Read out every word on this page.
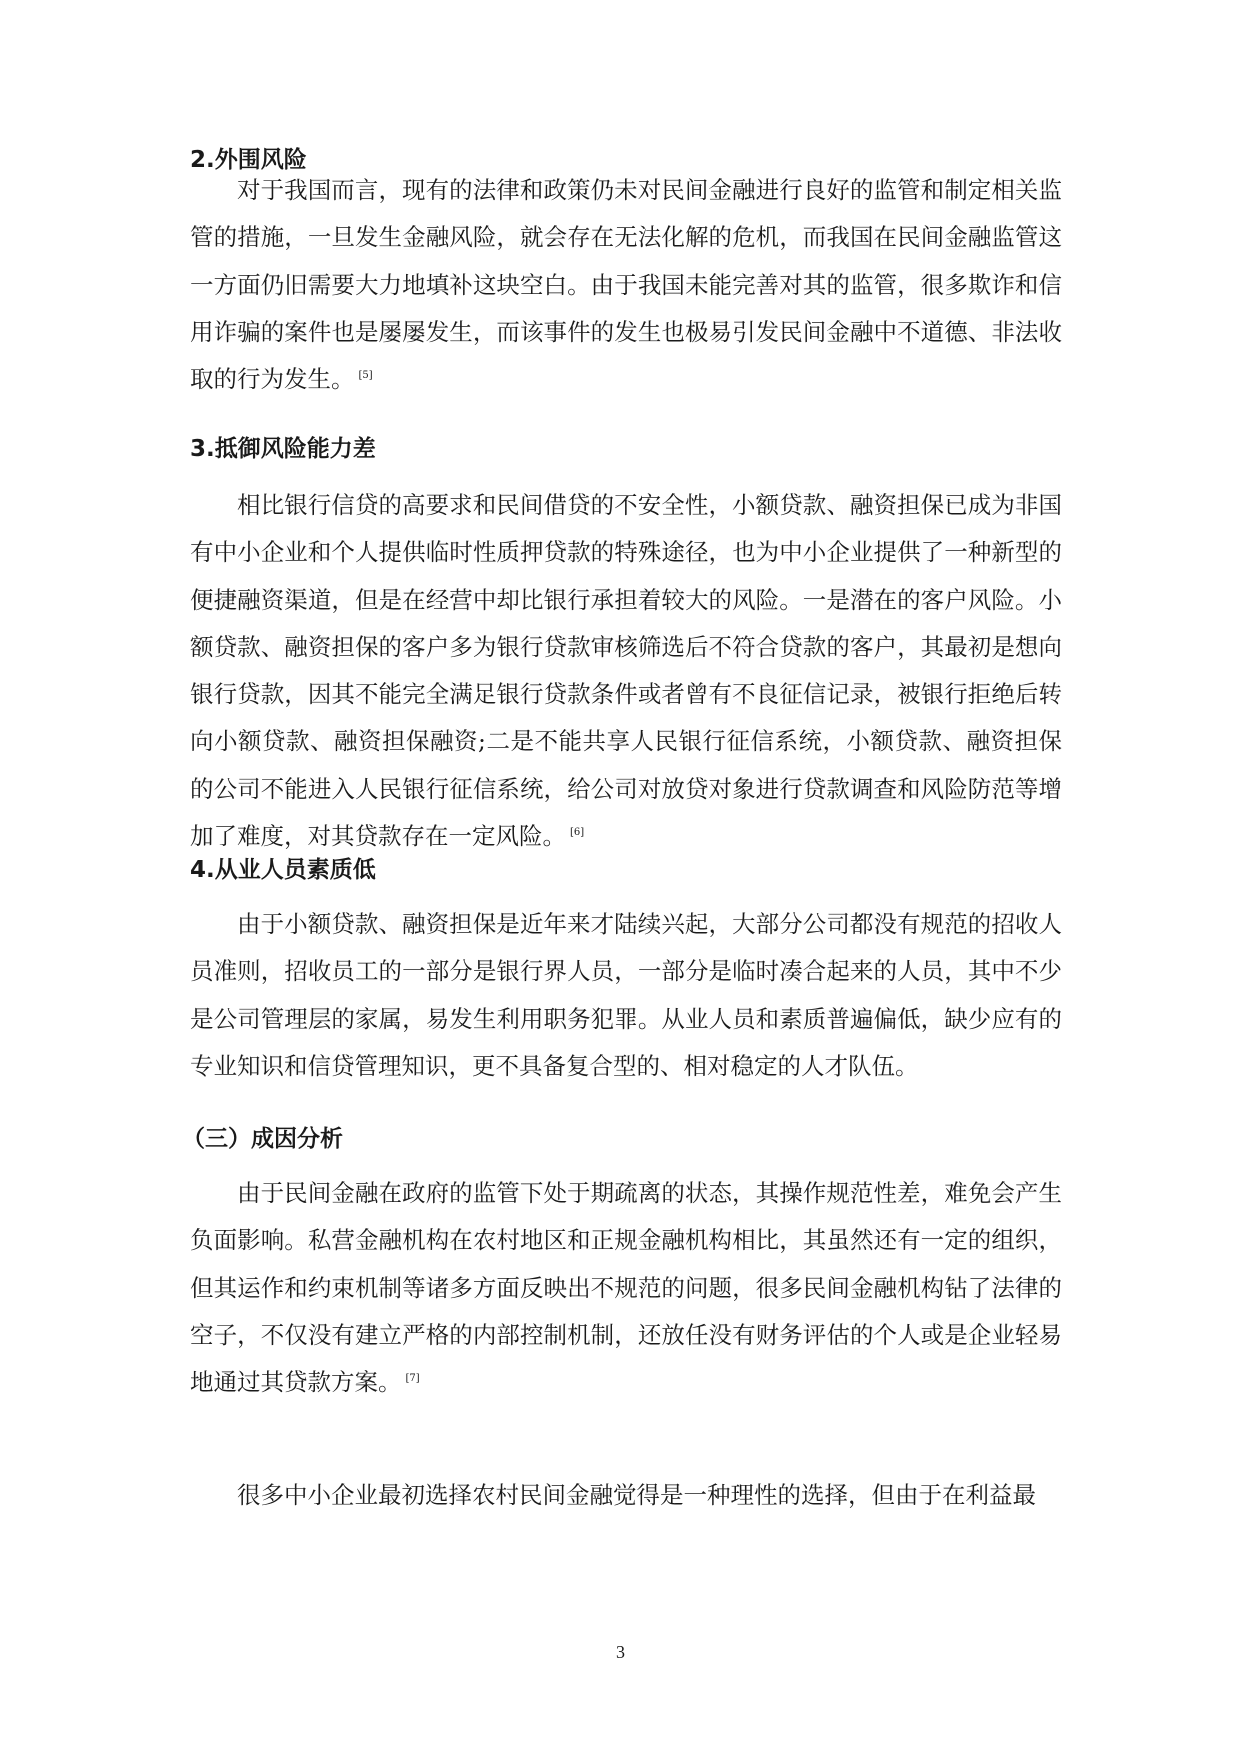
2.外围风险

对于我国而言，现有的法律和政策仍未对民间金融进行良好的监管和制定相关监管的措施，一旦发生金融风险，就会存在无法化解的危机，而我国在民间金融监管这一方面仍旧需要大力地填补这块空白。由于我国未能完善对其的监管，很多欺诈和信用诈骗的案件也是屡屡发生，而该事件的发生也极易引发民间金融中不道德、非法收取的行为发生。 [5]

3.抵御风险能力差

相比银行信贷的高要求和民间借贷的不安全性，小额贷款、融资担保已成为非国有中小企业和个人提供临时性质押贷款的特殊途径，也为中小企业提供了一种新型的便捷融资渠道，但是在经营中却比银行承担着较大的风险。一是潜在的客户风险。小额贷款、融资担保的客户多为银行贷款审核筛选后不符合贷款的客户，其最初是想向银行贷款，因其不能完全满足银行贷款条件或者曾有不良征信记录，被银行拒绝后转向小额贷款、融资担保融资;二是不能共享人民银行征信系统，小额贷款、融资担保的公司不能进入人民银行征信系统，给公司对放贷对象进行贷款调查和风险防范等增加了难度，对其贷款存在一定风险。 [6]

4.从业人员素质低

由于小额贷款、融资担保是近年来才陆续兴起，大部分公司都没有规范的招收人员准则，招收员工的一部分是银行界人员，一部分是临时凑合起来的人员，其中不少是公司管理层的家属，易发生利用职务犯罪。从业人员和素质普遍偏低，缺少应有的专业知识和信贷管理知识，更不具备复合型的、相对稳定的人才队伍。

（三）成因分析

由于民间金融在政府的监管下处于期疏离的状态，其操作规范性差，难免会产生负面影响。私营金融机构在农村地区和正规金融机构相比，其虽然还有一定的组织，但其运作和约束机制等诸多方面反映出不规范的问题，很多民间金融机构钻了法律的空子，不仅没有建立严格的内部控制机制，还放任没有财务评估的个人或是企业轻易地通过其贷款方案。 [7]

很多中小企业最初选择农村民间金融觉得是一种理性的选择，但由于在利益最

3
